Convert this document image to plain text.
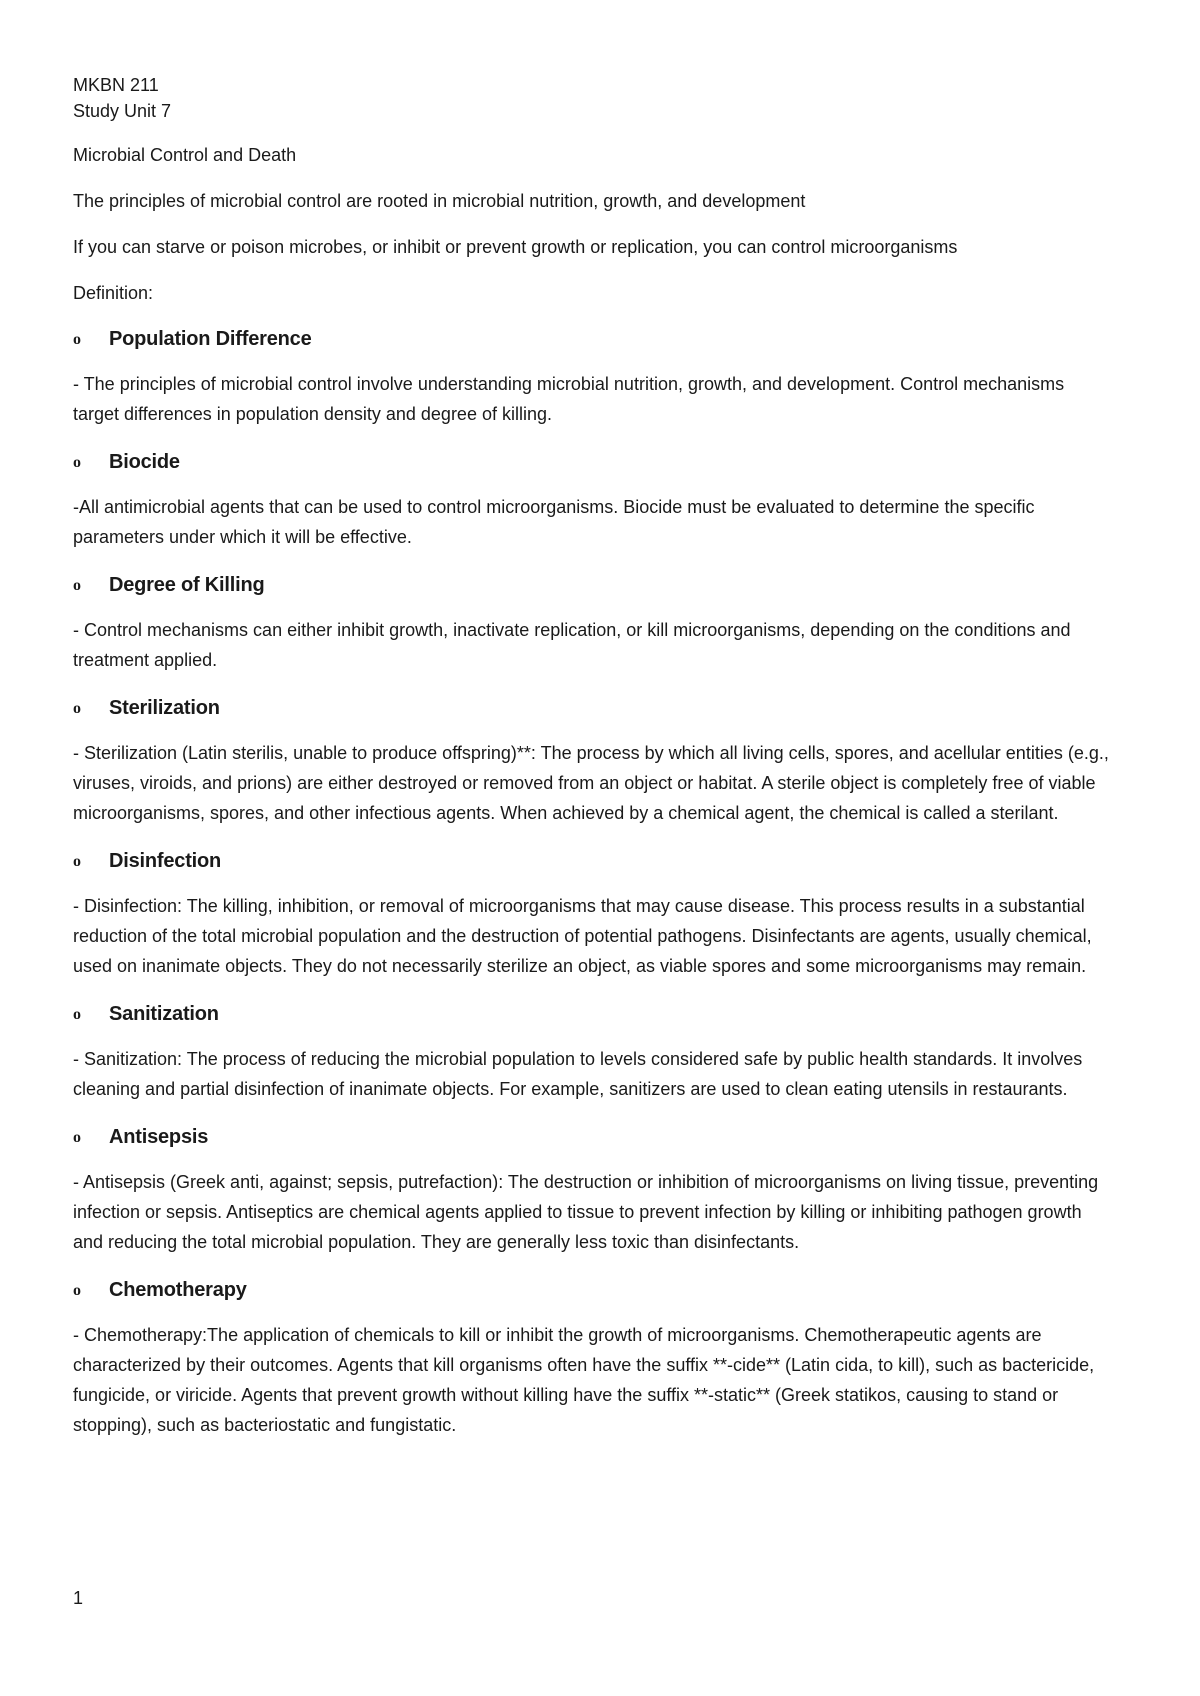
MKBN 211

Study Unit 7

Microbial Control and Death

The principles of microbial control are rooted in microbial nutrition, growth, and development

If you can starve or poison microbes, or inhibit or prevent growth or replication, you can control microorganisms

Definition:

o	Population Difference

- The principles of microbial control involve understanding microbial nutrition, growth, and development. Control mechanisms target differences in population density and degree of killing.

o	Biocide

-All antimicrobial agents that can be used to control microorganisms. Biocide must be evaluated to determine the specific parameters under which it will be effective.

o	Degree of Killing

- Control mechanisms can either inhibit growth, inactivate replication, or kill microorganisms, depending on the conditions and treatment applied.

o	Sterilization

- Sterilization (Latin sterilis, unable to produce offspring)**: The process by which all living cells, spores, and acellular entities (e.g., viruses, viroids, and prions) are either destroyed or removed from an object or habitat. A sterile object is completely free of viable microorganisms, spores, and other infectious agents. When achieved by a chemical agent, the chemical is called a sterilant.

o	Disinfection

- Disinfection: The killing, inhibition, or removal of microorganisms that may cause disease. This process results in a substantial reduction of the total microbial population and the destruction of potential pathogens. Disinfectants are agents, usually chemical, used on inanimate objects. They do not necessarily sterilize an object, as viable spores and some microorganisms may remain.

o	Sanitization

- Sanitization: The process of reducing the microbial population to levels considered safe by public health standards. It involves cleaning and partial disinfection of inanimate objects. For example, sanitizers are used to clean eating utensils in restaurants.

o	Antisepsis

- Antisepsis (Greek anti, against; sepsis, putrefaction): The destruction or inhibition of microorganisms on living tissue, preventing infection or sepsis. Antiseptics are chemical agents applied to tissue to prevent infection by killing or inhibiting pathogen growth and reducing the total microbial population. They are generally less toxic than disinfectants.

o	Chemotherapy

- Chemotherapy:The application of chemicals to kill or inhibit the growth of microorganisms. Chemotherapeutic agents are characterized by their outcomes. Agents that kill organisms often have the suffix **-cide** (Latin cida, to kill), such as bactericide, fungicide, or viricide. Agents that prevent growth without killing have the suffix **-static** (Greek statikos, causing to stand or stopping), such as bacteriostatic and fungistatic.

1
